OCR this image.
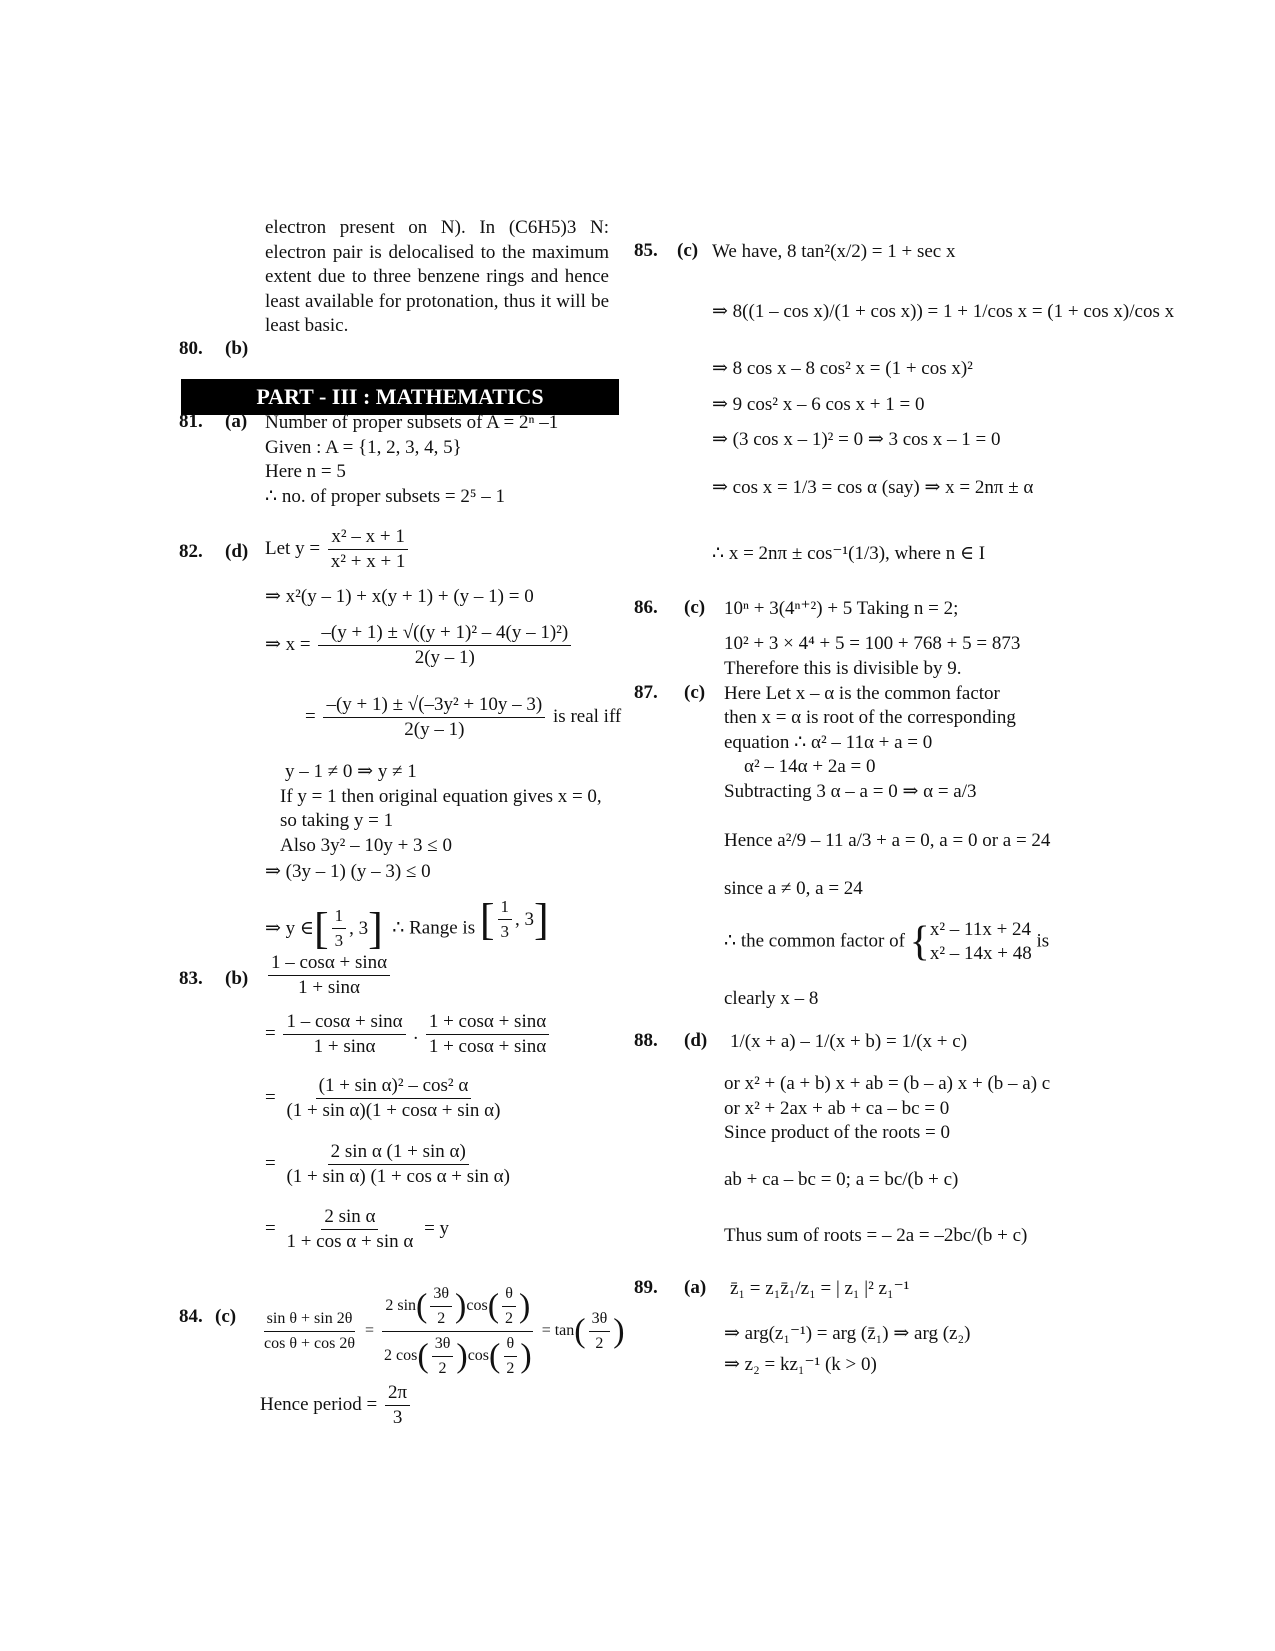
electron present on N). In (C6H5)3 N: electron pair is delocalised to the maximum extent due to three benzene rings and hence least available for protonation, thus it will be least basic.
80. (b)
PART - III : MATHEMATICS
81. (a) Number of proper subsets of A = 2ⁿ –1
Given : A = {1, 2, 3, 4, 5}
Here n = 5
∴ no. of proper subsets = 2⁵ – 1
82. (d) Let $y = \frac{\text{x² – x + 1}}{\text{x² + x + 1}}$
⇒ x²(y – 1) + x(y + 1) + (y – 1) = 0
⇒ $x = \frac{\text{–(y + 1) ± √((y + 1)² – 4(y – 1)²)}}{2(y - 1)}$
= $\frac{\text{–(y + 1) ± √(–3y² + 10y – 3)}}{2(y - 1)}$ is real iff
y – 1 ≠ 0 ⇒ y ≠ 1
If y = 1 then original equation gives x = 0,
so taking y = 1
Also 3y² – 10y + 3 ≤ 0
⇒ (3y – 1) (y – 3) ≤ 0
⇒ y ∈ [ $\frac{1}{3}$ , 3 ] ∴ Range is [ $\frac{1}{3}$ , 3 ]
83. $(b) \frac{1 - \cos\alpha + \sin\alpha}{1 + \sin\alpha}$
= $\frac{1 - \cos\alpha + \sin\alpha}{1 + \sin\alpha}$ . $\frac{1 + \cos\alpha + \sin\alpha}{1 + \cos\alpha + \sin\alpha}$
= $\frac{\text{(1 + sin α)² – cos² α}}{\text{(1 + sin α)(1 + cosα + sin α)}}$
= $\frac{\text{2 sin α (1 + sin α)}}{\text{(1 + sin α) (1 + cos α + sin α)}}$
= $\frac{\text{2 sin α}}{\text{1 + cos α + sin α}} = y$
84. $(c) \frac{\text{sin θ + sin 2θ}}{\text{cos θ + cos 2θ}} = \frac{2 \sin( \frac{3\theta}{2} )\cos( \frac{\theta}{2} )}{2 \cos( \frac{3\theta}{2} )\cos( \frac{\theta}{2} )} = \tan( \frac{3\theta}{2}$ )
Hence period = $\frac{2\pi}{3}$
85. (c) We have, 8 tan²(x/2) = 1 + sec x
⇒ 8((1 – cos x)/(1 + cos x)) = 1 + 1/cos x = (1 + cos x)/cos x
⇒ 8 cos x – 8 cos² x = (1 + cos x)²
⇒ 9 cos² x – 6 cos x + 1 = 0
⇒ (3 cos x – 1)² = 0 ⇒ 3 cos x – 1 = 0
⇒ cos x = 1/3 = cos α (say) ⇒ x = 2nπ ± α
∴ x = 2nπ ± cos⁻¹(1/3), where n ∈ I
86. (c) 10ⁿ + 3(4ⁿ⁺²) + 5 Taking n = 2;
10² + 3 × 4⁴ + 5 = 100 + 768 + 5 = 873
Therefore this is divisible by 9.
87. (c) Here Let x – α is the common factor
then x = α is root of the corresponding
equation ∴ α² – 11α + a = 0
α² – 14α + 2a = 0
Subtracting 3 α – a = 0 ⇒ α = a/3
Hence a²/9 – 11 a/3 + a = 0, a = 0 or a = 24
since a ≠ 0, a = 24
∴ the common factor of { x² – 11x + 24
x² – 14x + 48
is
clearly x – 8
88. (d) 1/(x + a) – 1/(x + b) = 1/(x + c)
or x² + (a + b) x + ab = (b – a) x + (b – a) c
or x² + 2ax + ab + ca – bc = 0
Since product of the roots = 0
ab + ca – bc = 0; a = bc/(b + c)
Thus sum of roots = – 2a = –2bc/(b + c)
89. (a) z̄₁ = z₁z̄₁/z₁ = | z₁ |² z₁⁻¹
⇒ arg(z₁⁻¹) = arg (z̄₁) ⇒ arg (z₂)
⇒ z₂ = kz₁⁻¹ (k > 0)
